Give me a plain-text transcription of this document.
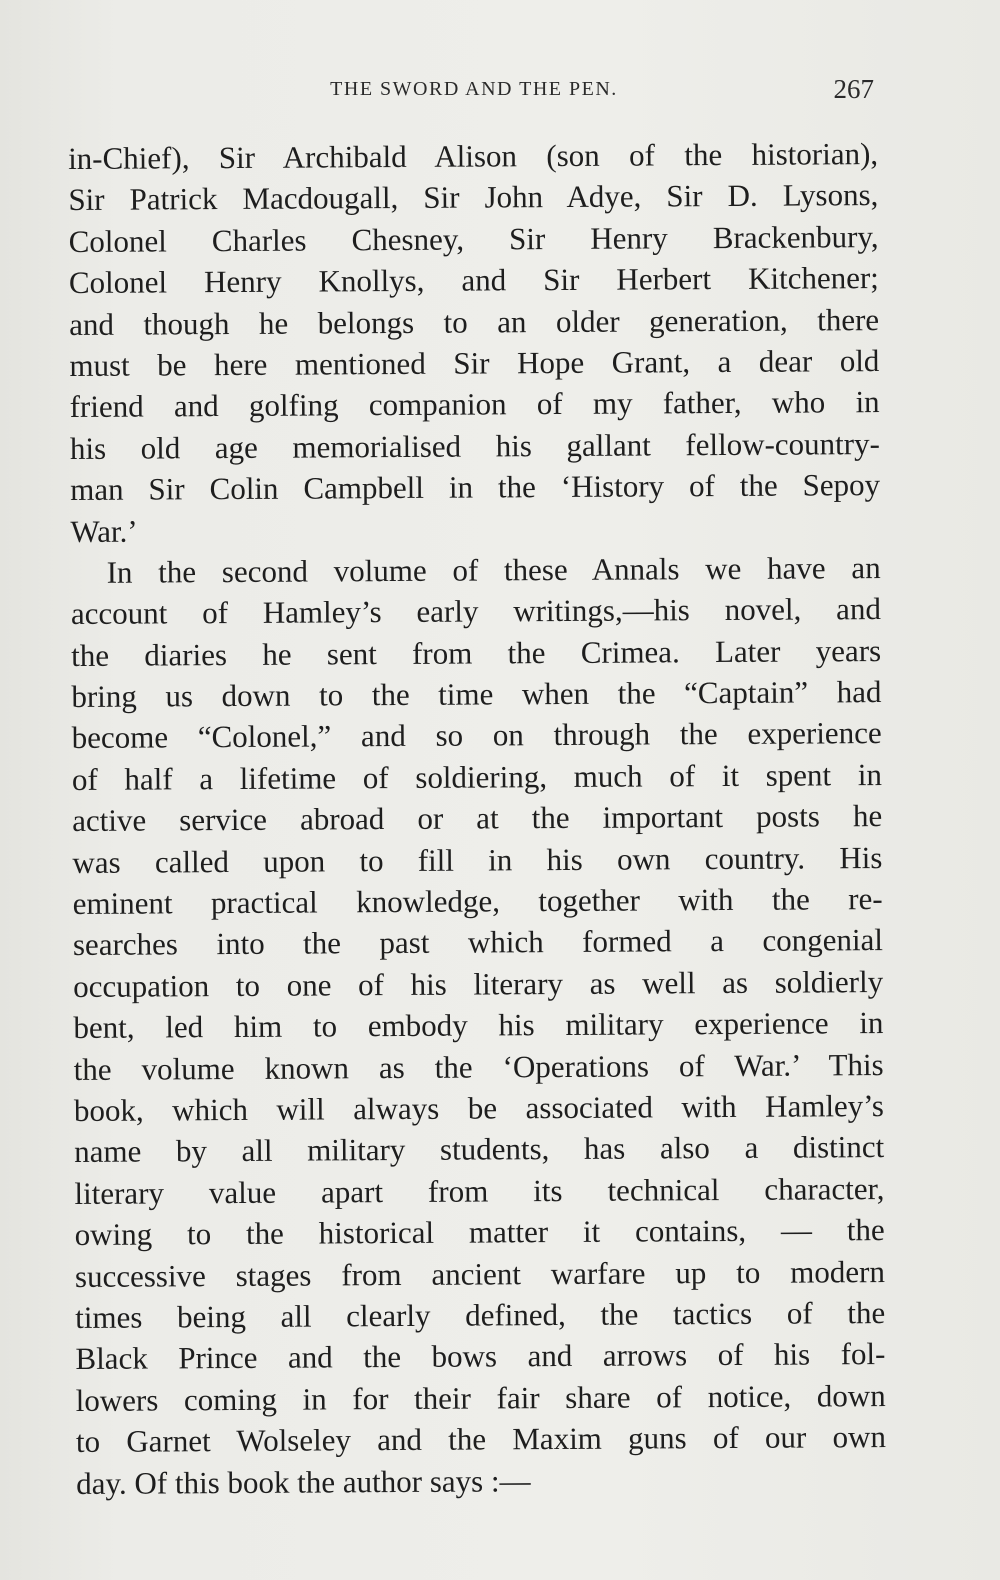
THE SWORD AND THE PEN.	267
in-Chief), Sir Archibald Alison (son of the historian),
Sir Patrick Macdougall, Sir John Adye, Sir D. Lysons,
Colonel Charles Chesney, Sir Henry Brackenbury,
Colonel Henry Knollys, and Sir Herbert Kitchener;
and though he belongs to an older generation, there
must be here mentioned Sir Hope Grant, a dear old
friend and golfing companion of my father, who in
his old age memorialised his gallant fellow-country-
man Sir Colin Campbell in the ‘History of the Sepoy
War.’
In the second volume of these Annals we have an
account of Hamley’s early writings,—his novel, and
the diaries he sent from the Crimea. Later years
bring us down to the time when the “Captain” had
become “Colonel,” and so on through the experience
of half a lifetime of soldiering, much of it spent in
active service abroad or at the important posts he
was called upon to fill in his own country. His
eminent practical knowledge, together with the re-
searches into the past which formed a congenial
occupation to one of his literary as well as soldierly
bent, led him to embody his military experience in
the volume known as the ‘Operations of War.’ This
book, which will always be associated with Hamley’s
name by all military students, has also a distinct
literary value apart from its technical character,
owing to the historical matter it contains, — the
successive stages from ancient warfare up to modern
times being all clearly defined, the tactics of the
Black Prince and the bows and arrows of his fol-
lowers coming in for their fair share of notice, down
to Garnet Wolseley and the Maxim guns of our own
day. Of this book the author says :—
